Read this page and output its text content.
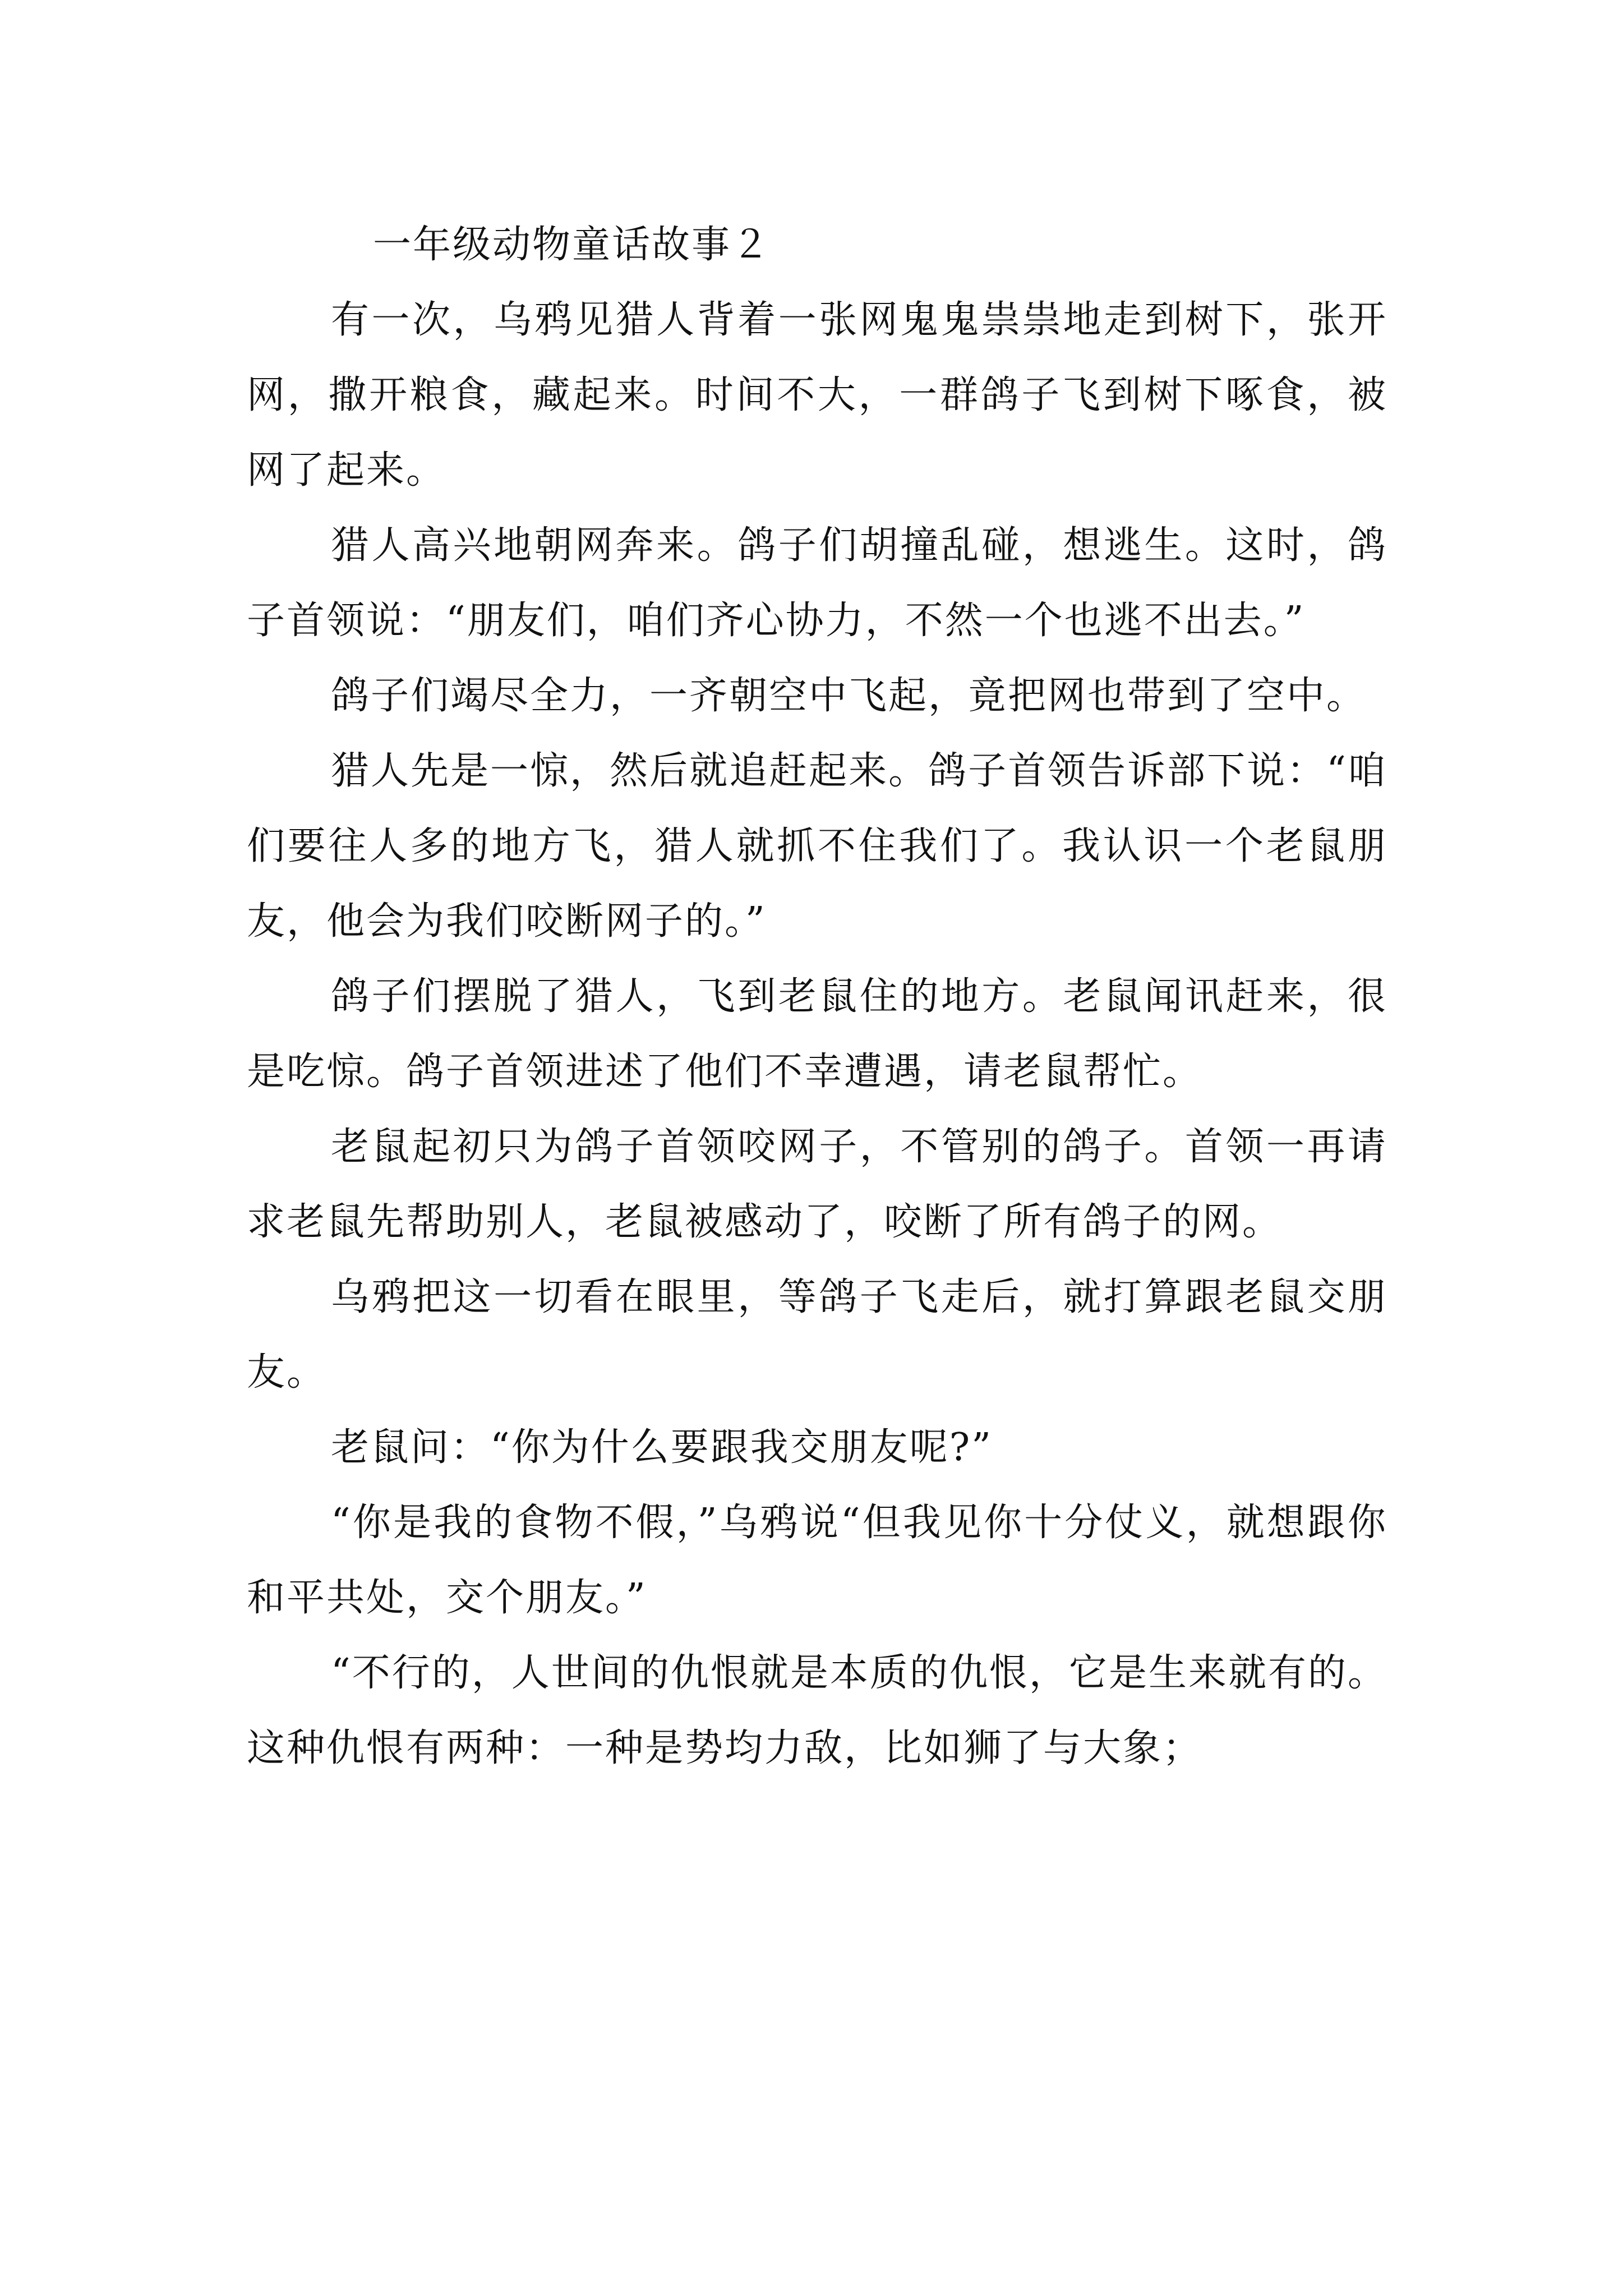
一年级动物童话故事２

有一次，乌鸦见猎人背着一张网鬼鬼祟祟地走到树下，张开网，撒开粮食，藏起来。时间不大，一群鸽子飞到树下啄食，被网了起来。

猎人高兴地朝网奔来。鸽子们胡撞乱碰，想逃生。这时，鸽子首领说：“朋友们，咱们齐心协力，不然一个也逃不出去。”

鸽子们竭尽全力，一齐朝空中飞起，竟把网也带到了空中。

猎人先是一惊，然后就追赶起来。鸽子首领告诉部下说：“咱们要往人多的地方飞，猎人就抓不住我们了。我认识一个老鼠朋友，他会为我们咬断网子的。”

鸽子们摆脱了猎人，飞到老鼠住的地方。老鼠闻讯赶来，很是吃惊。鸽子首领进述了他们不幸遭遇，请老鼠帮忙。

老鼠起初只为鸽子首领咬网子，不管别的鸽子。首领一再请求老鼠先帮助别人，老鼠被感动了，咬断了所有鸽子的网。

乌鸦把这一切看在眼里，等鸽子飞走后，就打算跟老鼠交朋友。

老鼠问：“你为什么要跟我交朋友呢?”

“你是我的食物不假，”乌鸦说“但我见你十分仗义，就想跟你和平共处，交个朋友。”

“不行的，人世间的仇恨就是本质的仇恨，它是生来就有的。这种仇恨有两种：一种是势均力敌，比如狮了与大象；
